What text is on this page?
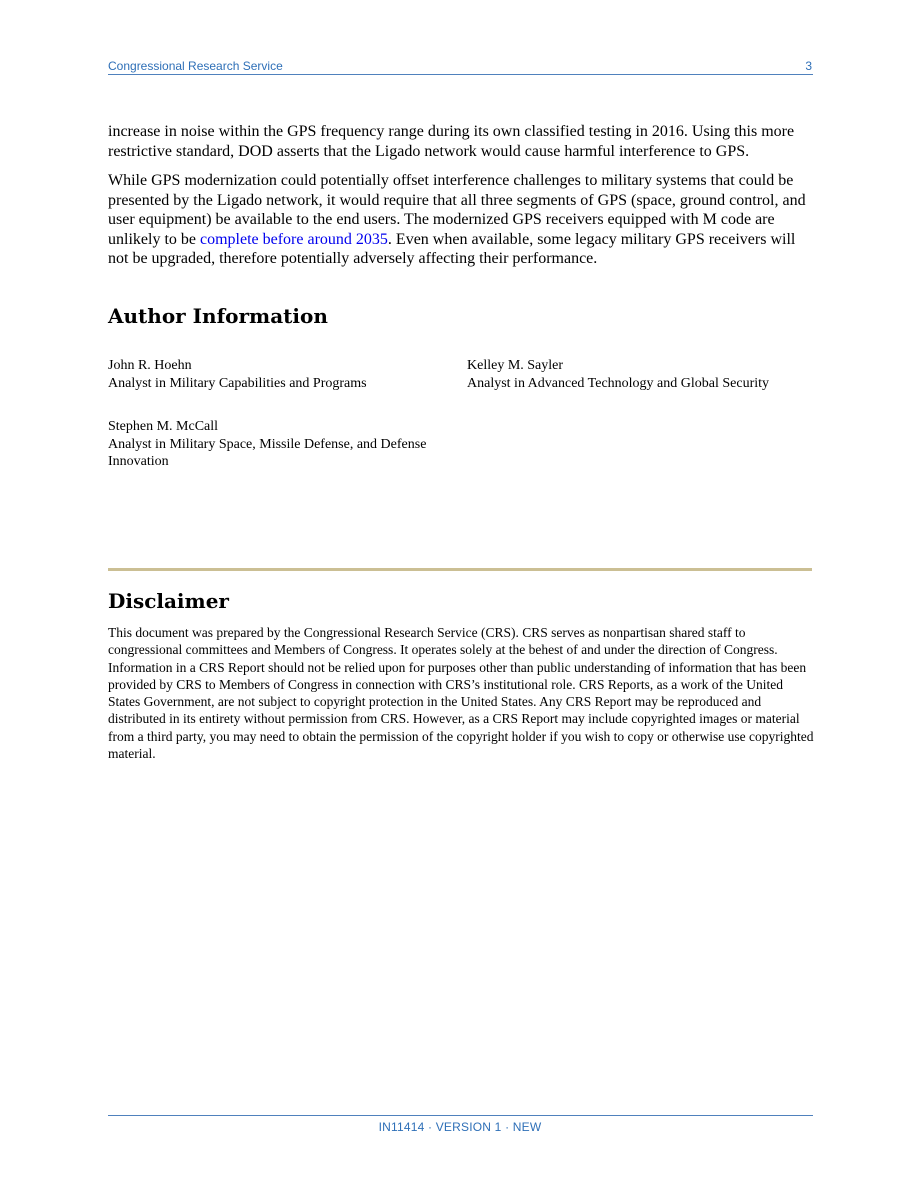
Congressional Research Service	3

increase in noise within the GPS frequency range during its own classified testing in 2016. Using this more restrictive standard, DOD asserts that the Ligado network would cause harmful interference to GPS.

While GPS modernization could potentially offset interference challenges to military systems that could be presented by the Ligado network, it would require that all three segments of GPS (space, ground control, and user equipment) be available to the end users. The modernized GPS receivers equipped with M code are unlikely to be complete before around 2035. Even when available, some legacy military GPS receivers will not be upgraded, therefore potentially adversely affecting their performance.

Author Information
John R. Hoehn
Analyst in Military Capabilities and Programs
Kelley M. Sayler
Analyst in Advanced Technology and Global Security
Stephen M. McCall
Analyst in Military Space, Missile Defense, and Defense Innovation
Disclaimer

This document was prepared by the Congressional Research Service (CRS). CRS serves as nonpartisan shared staff to congressional committees and Members of Congress. It operates solely at the behest of and under the direction of Congress. Information in a CRS Report should not be relied upon for purposes other than public understanding of information that has been provided by CRS to Members of Congress in connection with CRS’s institutional role. CRS Reports, as a work of the United States Government, are not subject to copyright protection in the United States. Any CRS Report may be reproduced and distributed in its entirety without permission from CRS. However, as a CRS Report may include copyrighted images or material from a third party, you may need to obtain the permission of the copyright holder if you wish to copy or otherwise use copyrighted material.

IN11414 · VERSION 1 · NEW
